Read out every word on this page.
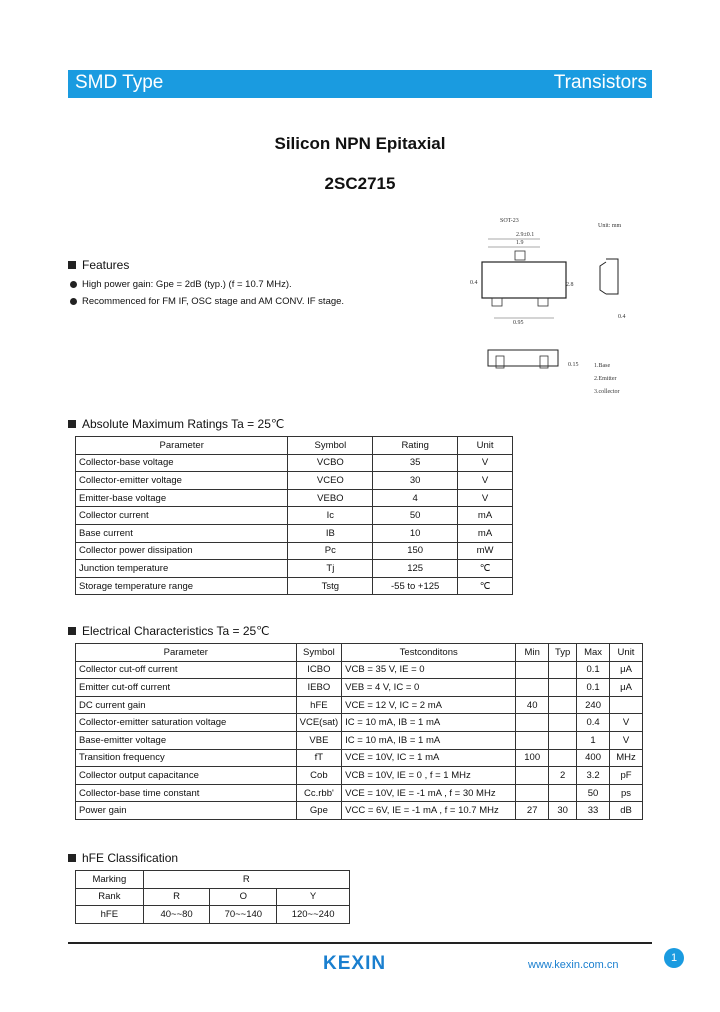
SMD Type	Transistors
Silicon NPN Epitaxial
2SC2715
SOT-23
Unit: mm
2.9±0.1
1.9
0.4	2.8
0.95
0.4
0.15	1.Base
2.Emitter
3.collector
Features
High power gain: Gpe = 2dB (typ.) (f = 10.7 MHz).
Recommenced for FM IF, OSC stage and AM CONV. IF stage.
Absolute Maximum Ratings Ta = 25℃
Parameter	Symbol	Rating	Unit
Collector-base voltage	VCBO	35	V
Collector-emitter voltage	VCEO	30	V
Emitter-base voltage	VEBO	4	V
Collector current	Ic	50	mA
Base current	IB	10	mA
Collector power dissipation	Pc	150	mW
Junction temperature	Tj	125	℃
Storage temperature range	Tstg	-55 to +125	℃
Electrical Characteristics Ta = 25℃
Parameter	Symbol	Testconditons	Min	Typ	Max	Unit
Collector cut-off current	ICBO	VCB = 35 V, IE = 0			0.1	μA
Emitter cut-off current	IEBO	VEB = 4 V, IC = 0			0.1	μA
DC current gain	hFE	VCE = 12 V, IC = 2 mA	40		240	
Collector-emitter saturation voltage	VCE(sat)	IC = 10 mA, IB = 1 mA			0.4	V
Base-emitter voltage	VBE	IC = 10 mA, IB = 1 mA			1	V
Transition frequency	fT	VCE = 10V, IC = 1 mA	100		400	MHz
Collector output capacitance	Cob	VCB = 10V, IE = 0 , f = 1 MHz		2	3.2	pF
Collector-base time constant	Cc.rbb'	VCE = 10V, IE = -1 mA , f = 30 MHz			50	ps
Power gain	Gpe	VCC = 6V, IE = -1 mA , f = 10.7 MHz	27	30	33	dB
hFE Classification
Marking	R		
Rank	R	O	Y
hFE	40~~80	70~~140	120~~240
KEXIN	www.kexin.com.cn
1
